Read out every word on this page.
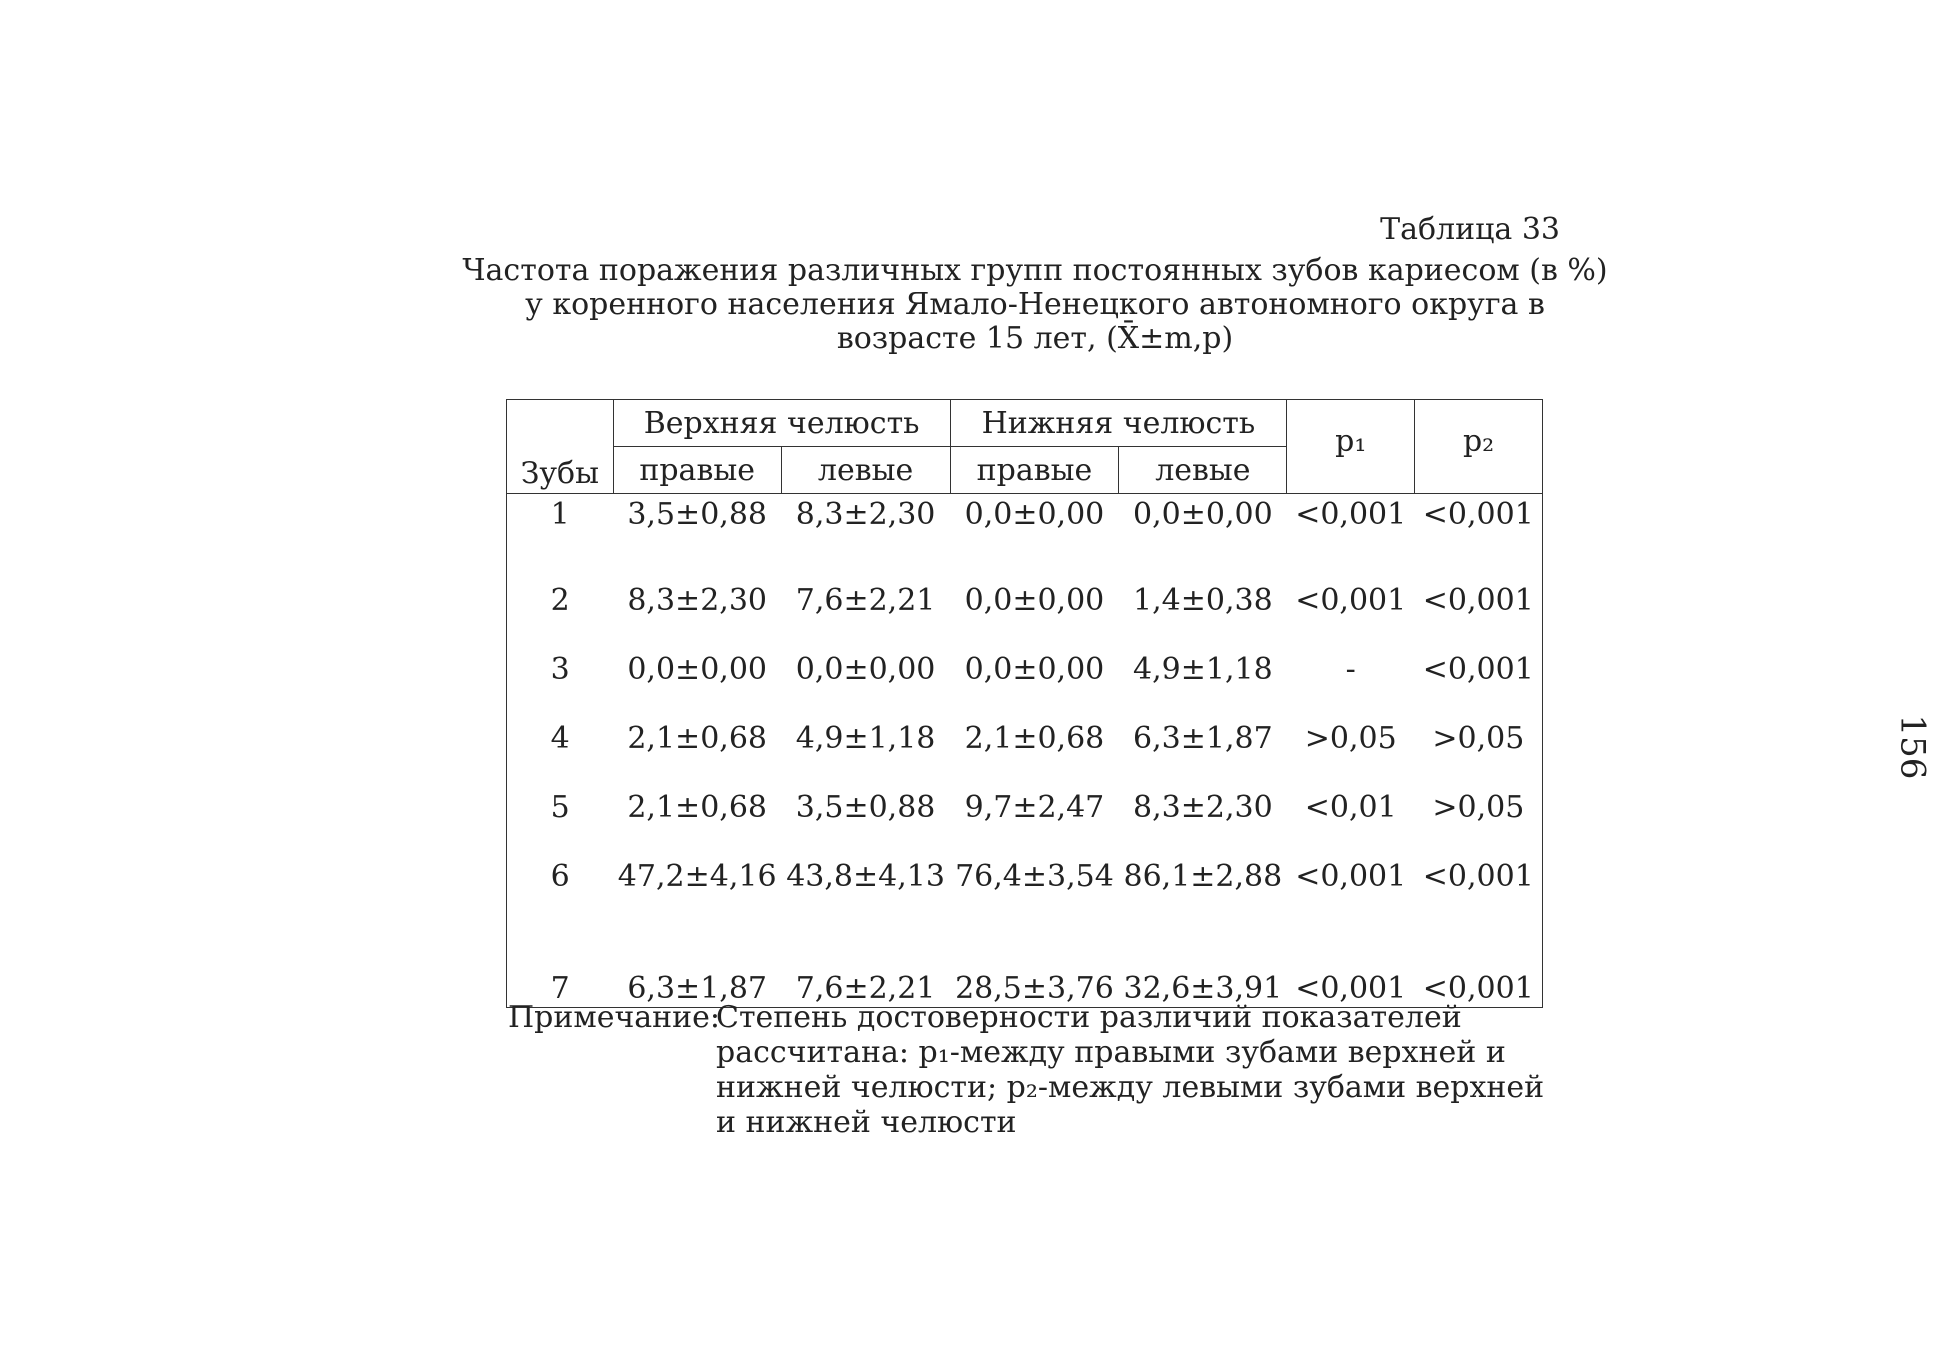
Таблица 33
Частота поражения различных групп постоянных зубов кариесом (в %)
у коренного населения Ямало-Ненецкого автономного округа в
возрасте 15 лет, (X̄±m,p)
Зубы	Верхняя челюсть		Нижняя челюсть		p₁	p₂
	правые	левые	правые	левые		
1	3,5±0,88	8,3±2,30	0,0±0,00	0,0±0,00	<0,001	<0,001
2	8,3±2,30	7,6±2,21	0,0±0,00	1,4±0,38	<0,001	<0,001
3	0,0±0,00	0,0±0,00	0,0±0,00	4,9±1,18	-	<0,001
4	2,1±0,68	4,9±1,18	2,1±0,68	6,3±1,87	>0,05	>0,05
5	2,1±0,68	3,5±0,88	9,7±2,47	8,3±2,30	<0,01	>0,05
6	47,2±4,16	43,8±4,13	76,4±3,54	86,1±2,88	<0,001	<0,001
7	6,3±1,87	7,6±2,21	28,5±3,76	32,6±3,91	<0,001	<0,001
Примечание:
Степень достоверности различий показателей рассчитана: p₁-между правыми зубами верхней и нижней челюсти; p₂-между левыми зубами верхней и нижней челюсти
156
